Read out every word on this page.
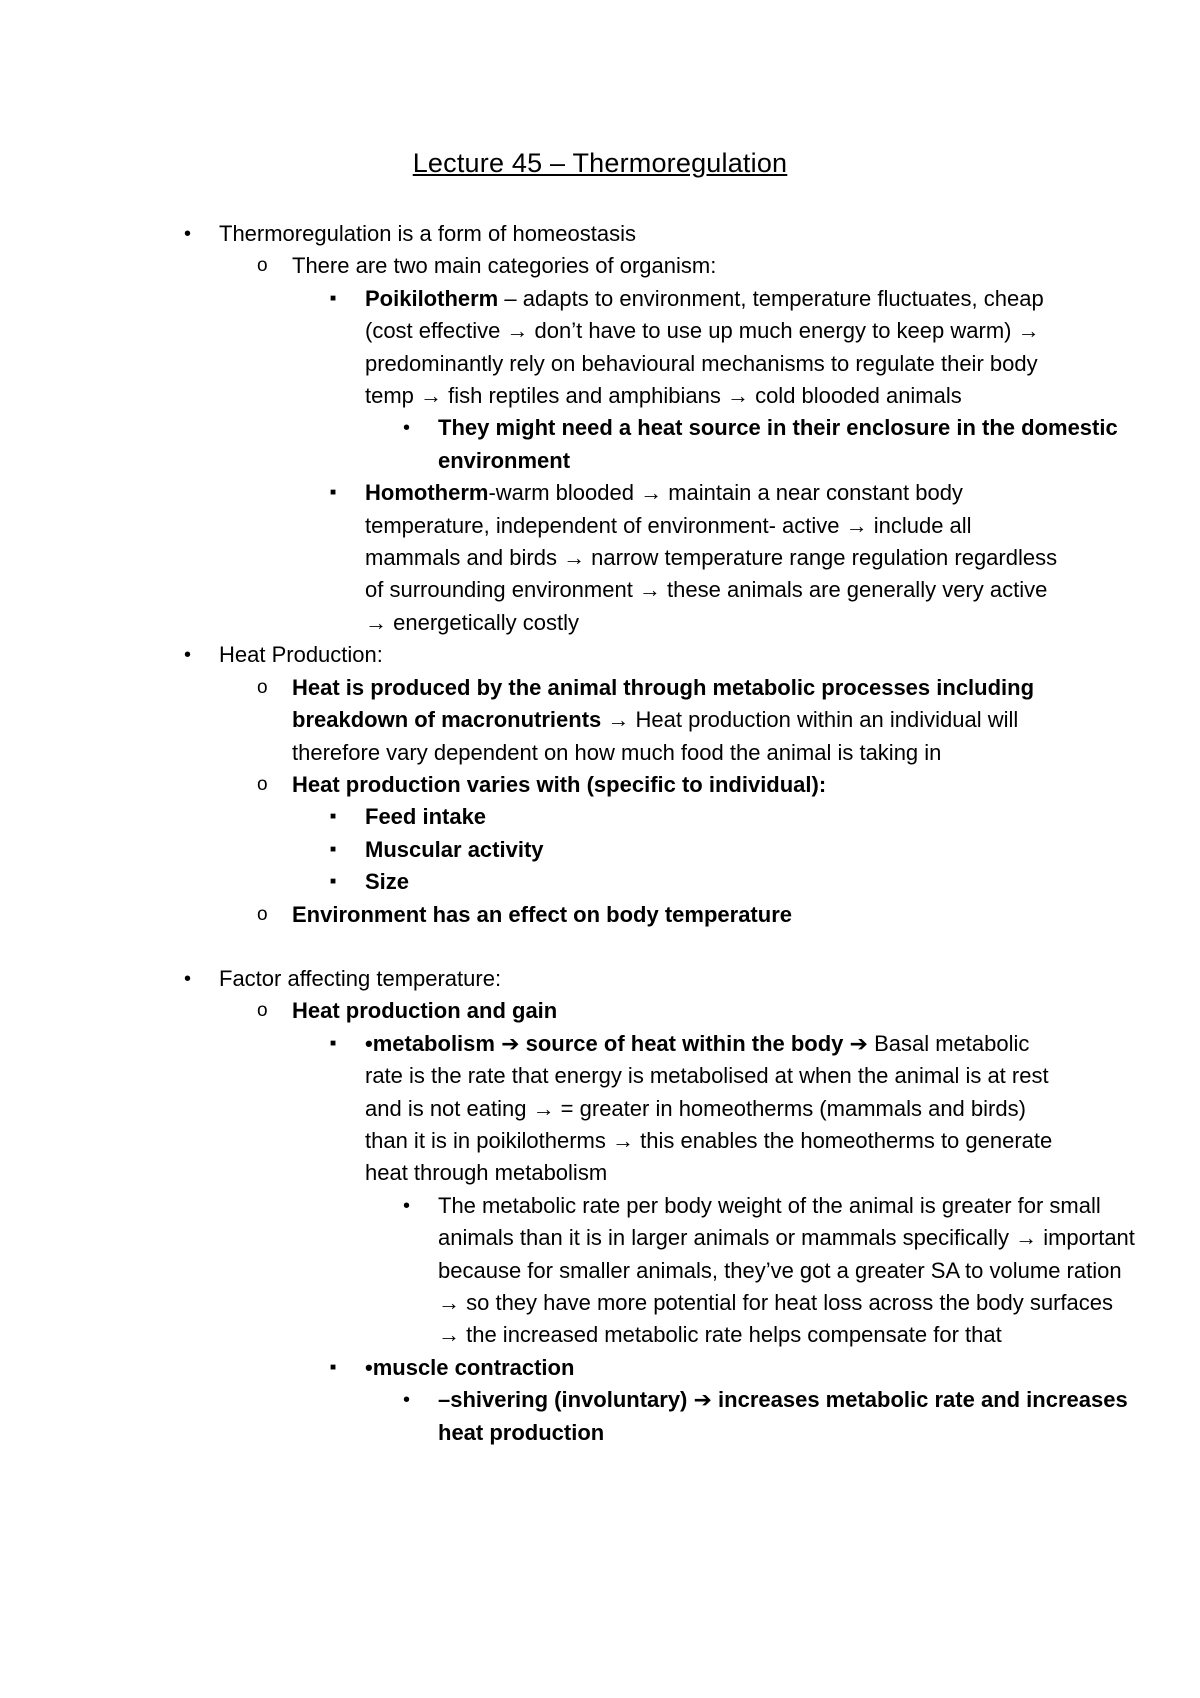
Lecture 45 – Thermoregulation
• Thermoregulation is a form of homeostasis
o There are two main categories of organism:
■ Poikilotherm – adapts to environment, temperature fluctuates, cheap (cost effective → don’t have to use up much energy to keep warm) → predominantly rely on behavioural mechanisms to regulate their body temp → fish reptiles and amphibians → cold blooded animals
• They might need a heat source in their enclosure in the domestic environment
■ Homotherm-warm blooded → maintain a near constant body temperature, independent of environment- active → include all mammals and birds → narrow temperature range regulation regardless of surrounding environment → these animals are generally very active → energetically costly
• Heat Production:
o Heat is produced by the animal through metabolic processes including breakdown of macronutrients → Heat production within an individual will therefore vary dependent on how much food the animal is taking in
o Heat production varies with (specific to individual):
■ Feed intake
■ Muscular activity
■ Size
o Environment has an effect on body temperature
• Factor affecting temperature:
o Heat production and gain
■ •metabolism ➔ source of heat within the body ➔ Basal metabolic rate is the rate that energy is metabolised at when the animal is at rest and is not eating → = greater in homeotherms (mammals and birds) than it is in poikilotherms → this enables the homeotherms to generate heat through metabolism
• The metabolic rate per body weight of the animal is greater for small animals than it is in larger animals or mammals specifically → important because for smaller animals, they’ve got a greater SA to volume ration → so they have more potential for heat loss across the body surfaces → the increased metabolic rate helps compensate for that
■ •muscle contraction
• –shivering (involuntary) ➔ increases metabolic rate and increases heat production
